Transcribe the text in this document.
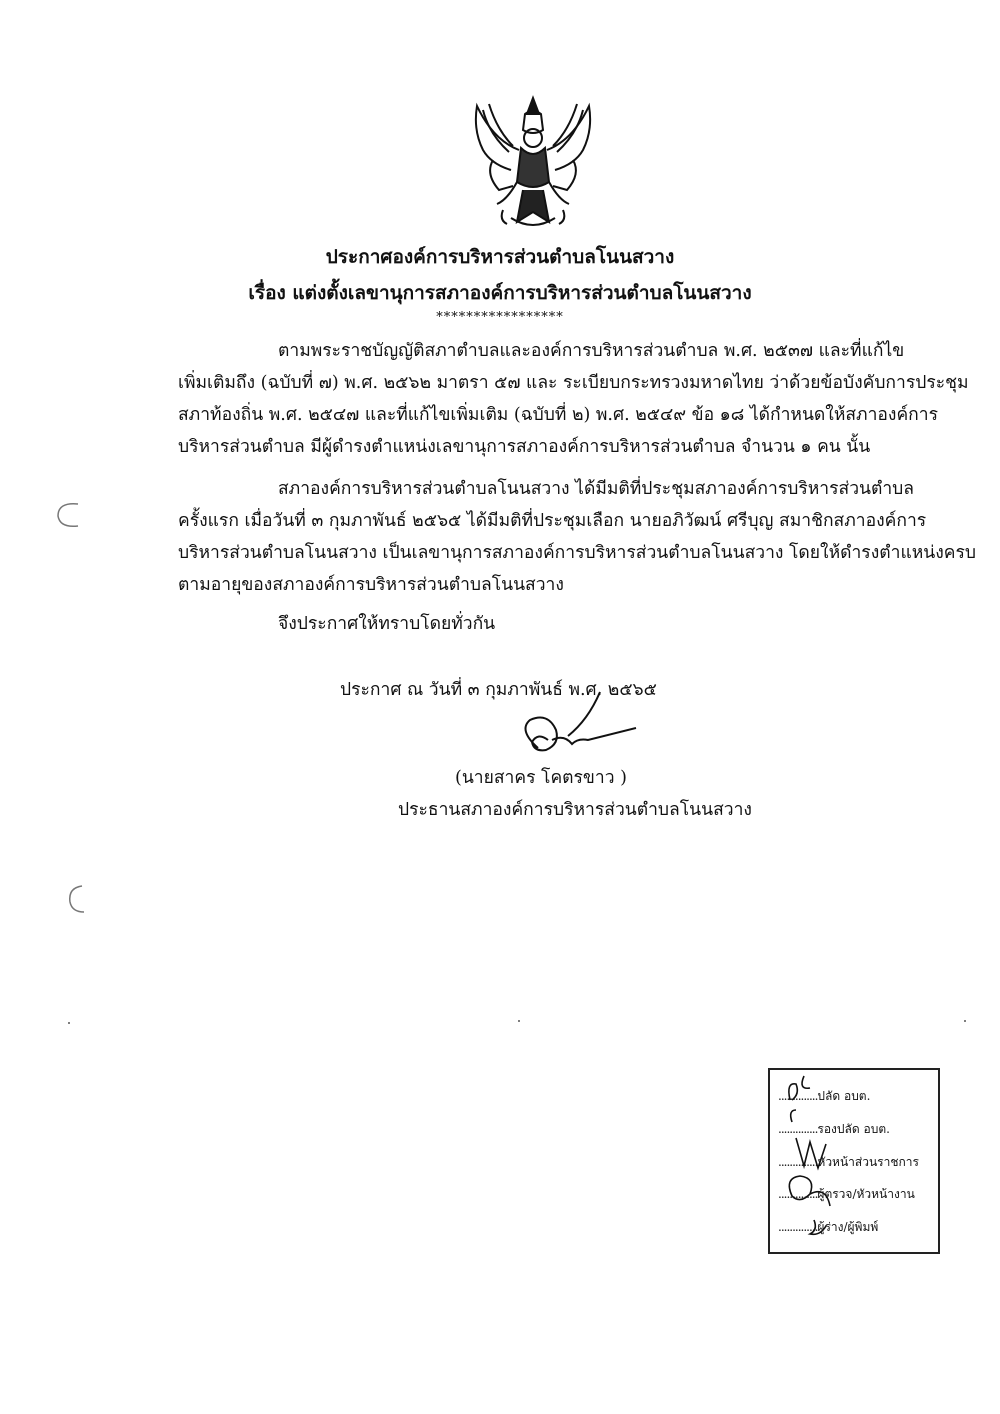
ประกาศองค์การบริหารส่วนตำบลโนนสวาง
เรื่อง แต่งตั้งเลขานุการสภาองค์การบริหารส่วนตำบลโนนสวาง
*****************
ตามพระราชบัญญัติสภาตำบลและองค์การบริหารส่วนตำบล พ.ศ. ๒๕๓๗ และที่แก้ไข
เพิ่มเติมถึง (ฉบับที่ ๗) พ.ศ. ๒๕๖๒ มาตรา ๕๗ และ ระเบียบกระทรวงมหาดไทย ว่าด้วยข้อบังคับการประชุม
สภาท้องถิ่น พ.ศ. ๒๕๔๗ และที่แก้ไขเพิ่มเติม (ฉบับที่ ๒) พ.ศ. ๒๕๔๙ ข้อ ๑๘ ได้กำหนดให้สภาองค์การ
บริหารส่วนตำบล มีผู้ดำรงตำแหน่งเลขานุการสภาองค์การบริหารส่วนตำบล จำนวน ๑ คน นั้น
สภาองค์การบริหารส่วนตำบลโนนสวาง ได้มีมติที่ประชุมสภาองค์การบริหารส่วนตำบล
ครั้งแรก เมื่อวันที่ ๓ กุมภาพันธ์ ๒๕๖๕ ได้มีมติที่ประชุมเลือก นายอภิวัฒน์ ศรีบุญ สมาชิกสภาองค์การ
บริหารส่วนตำบลโนนสวาง เป็นเลขานุการสภาองค์การบริหารส่วนตำบลโนนสวาง โดยให้ดำรงตำแหน่งครบ
ตามอายุของสภาองค์การบริหารส่วนตำบลโนนสวาง
จึงประกาศให้ทราบโดยทั่วกัน
ประกาศ ณ วันที่ ๓ กุมภาพันธ์ พ.ศ. ๒๕๖๕
(นายสาคร โคตรขาว )
ประธานสภาองค์การบริหารส่วนตำบลโนนสวาง
..............ปลัด อบต.
..............รองปลัด อบต.
..............หัวหน้าส่วนราชการ
..............ผู้ตรวจ/หัวหน้างาน
..............ผู้ร่าง/ผู้พิมพ์
